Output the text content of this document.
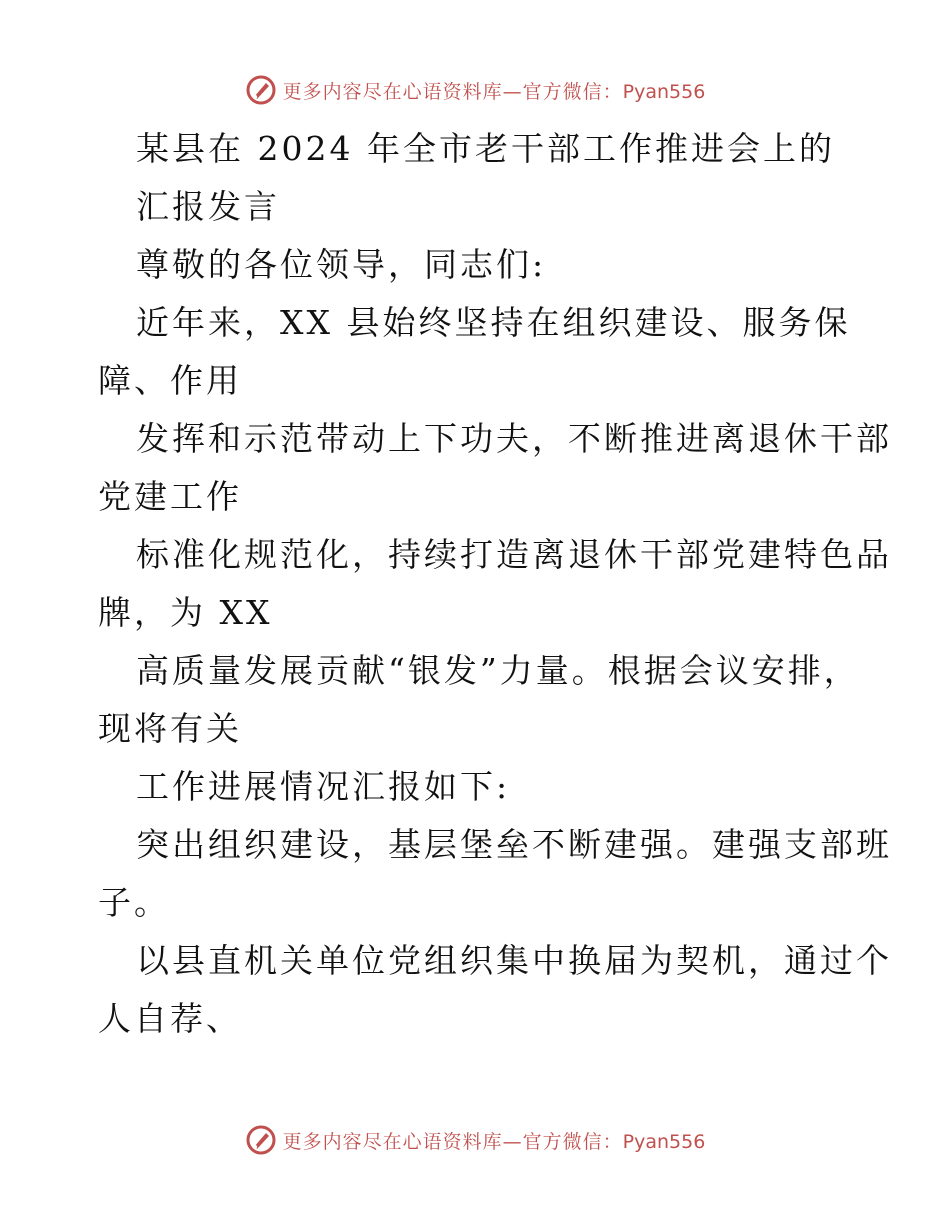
更多内容尽在心语资料库—官方微信：Pyan556
某县在 2024 年全市老干部工作推进会上的
汇报发言
尊敬的各位领导，同志们:
近年来，XX 县始终坚持在组织建设、服务保
障、作用
发挥和示范带动上下功夫，不断推进离退休干部
党建工作
标准化规范化，持续打造离退休干部党建特色品
牌，为 XX
高质量发展贡献“银发”力量。根据会议安排，
现将有关
工作进展情况汇报如下:
突出组织建设，基层堡垒不断建强。建强支部班
子。
以县直机关单位党组织集中换届为契机，通过个
人自荐、
更多内容尽在心语资料库—官方微信：Pyan556
